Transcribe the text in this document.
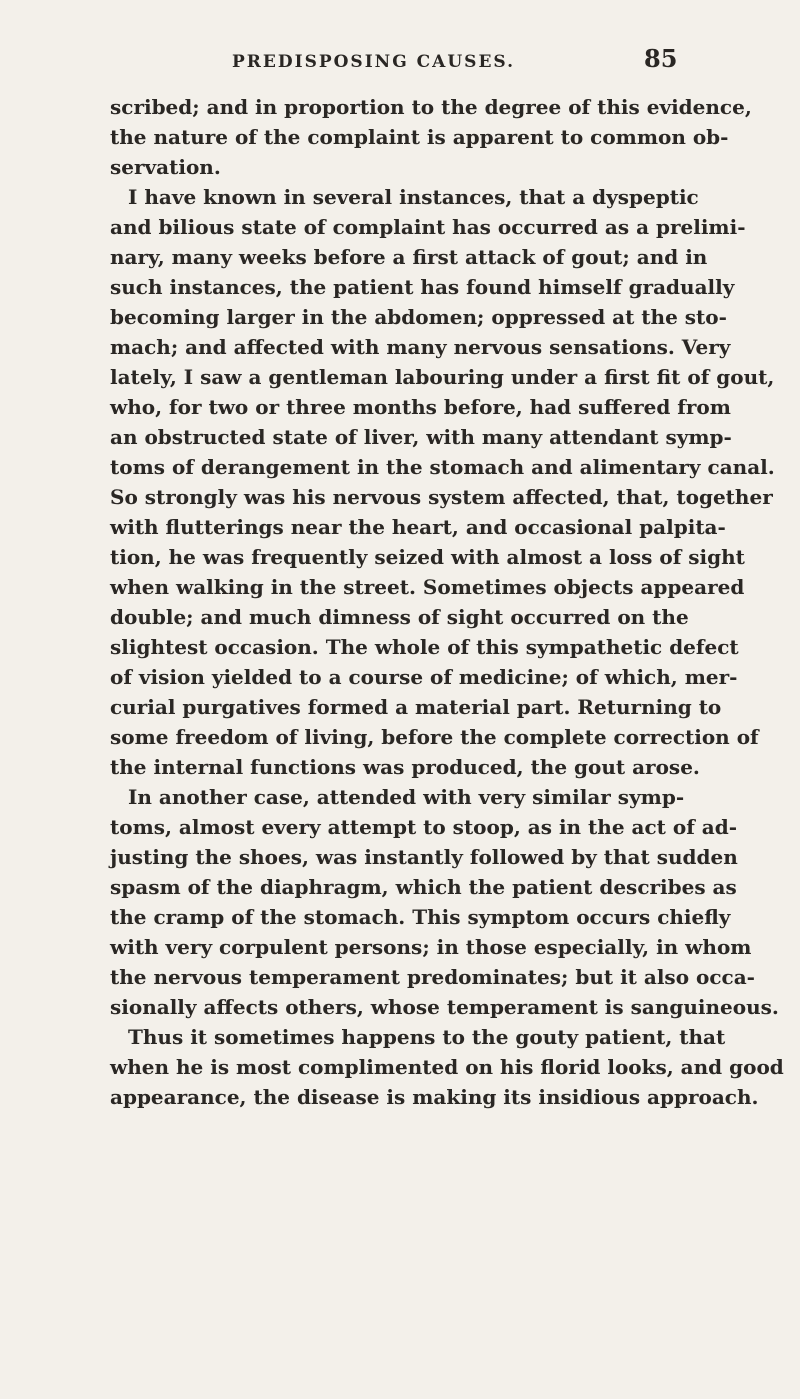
PREDISPOSING CAUSES.	85
scribed; and in proportion to the degree of this evidence,
the nature of the complaint is apparent to common ob-
servation.
I have known in several instances, that a dyspeptic
and bilious state of complaint has occurred as a prelimi-
nary, many weeks before a first attack of gout; and in
such instances, the patient has found himself gradually
becoming larger in the abdomen; oppressed at the sto-
mach; and affected with many nervous sensations. Very
lately, I saw a gentleman labouring under a first fit of gout,
who, for two or three months before, had suffered from
an obstructed state of liver, with many attendant symp-
toms of derangement in the stomach and alimentary canal.
So strongly was his nervous system affected, that, together
with flutterings near the heart, and occasional palpita-
tion, he was frequently seized with almost a loss of sight
when walking in the street. Sometimes objects appeared
double; and much dimness of sight occurred on the
slightest occasion. The whole of this sympathetic defect
of vision yielded to a course of medicine; of which, mer-
curial purgatives formed a material part. Returning to
some freedom of living, before the complete correction of
the internal functions was produced, the gout arose.
In another case, attended with very similar symp-
toms, almost every attempt to stoop, as in the act of ad-
justing the shoes, was instantly followed by that sudden
spasm of the diaphragm, which the patient describes as
the cramp of the stomach. This symptom occurs chiefly
with very corpulent persons; in those especially, in whom
the nervous temperament predominates; but it also occa-
sionally affects others, whose temperament is sanguineous.
Thus it sometimes happens to the gouty patient, that
when he is most complimented on his florid looks, and good
appearance, the disease is making its insidious approach.
